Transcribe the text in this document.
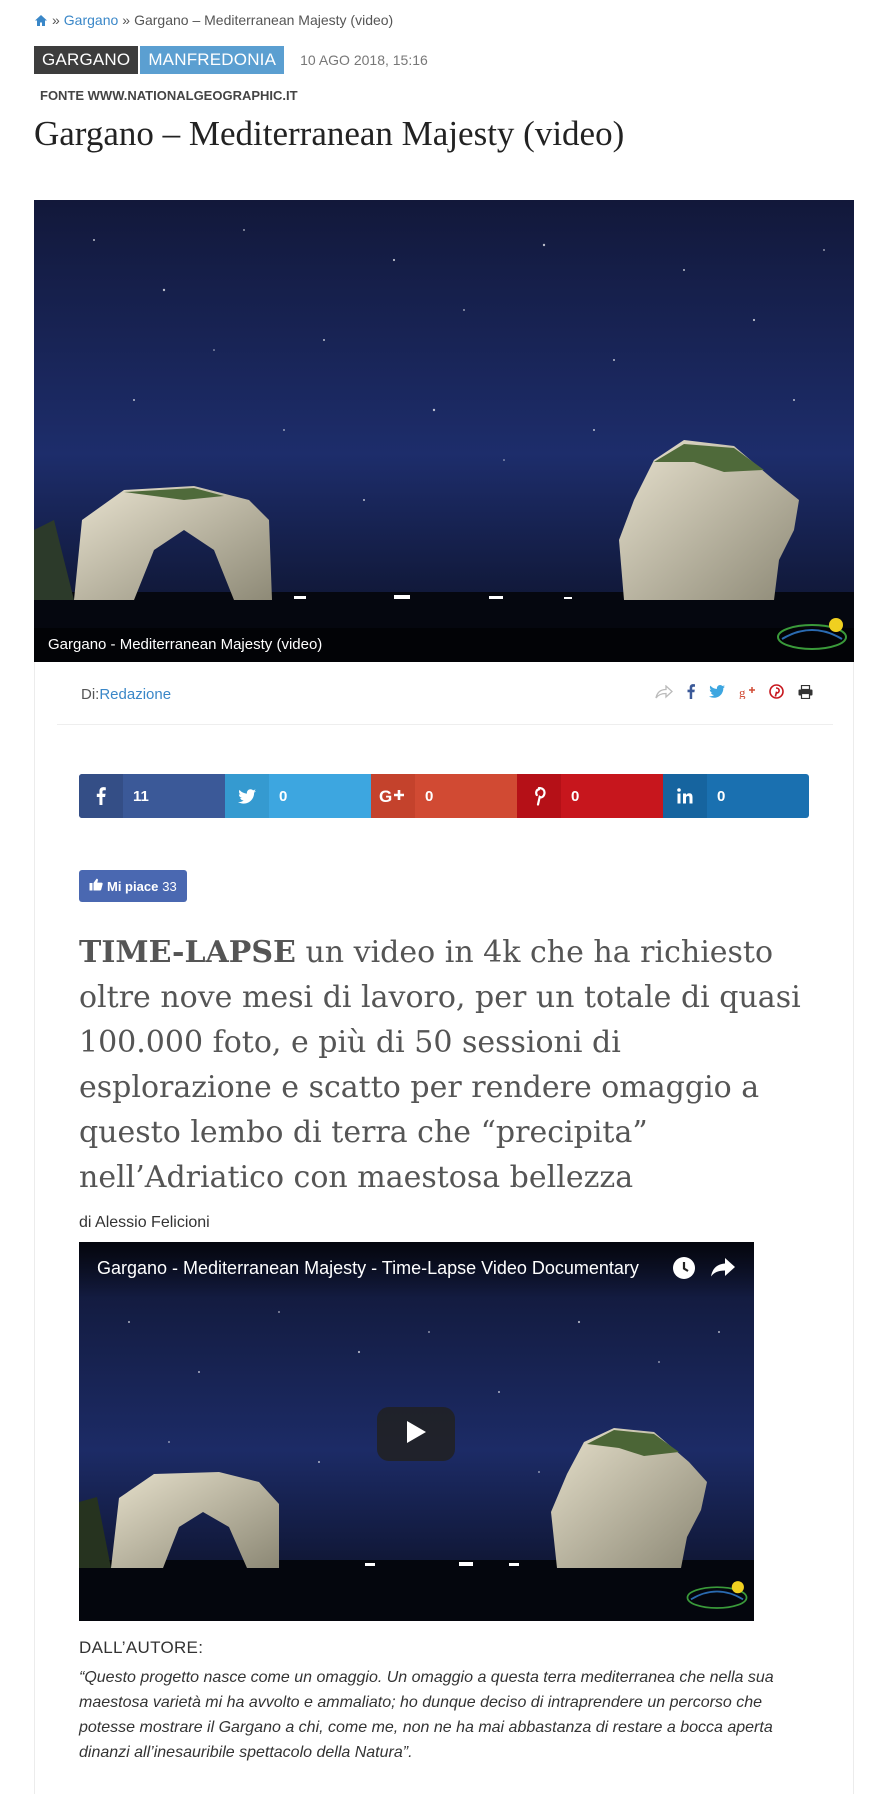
» Gargano » Gargano – Mediterranean Majesty (video)
GARGANO	MANFREDONIA	10 AGO 2018, 15:16
FONTE WWW.NATIONALGEOGRAPHIC.IT
Gargano – Mediterranean Majesty (video)
Gargano - Mediterranean Majesty (video)
Di:Redazione	g
11	0	G 0	0	0
Mi piace 33
TIME-LAPSE un video in 4k che ha richiesto oltre nove mesi di lavoro, per un totale di quasi 100.000 foto, e più di 50 sessioni di esplorazione e scatto per rendere omaggio a questo lembo di terra che “precipita” nell’Adriatico con maestosa bellezza
di Alessio Felicioni
Gargano - Mediterranean Majesty - Time-Lapse Video Documentary
DALL’AUTORE:

“Questo progetto nasce come un omaggio. Un omaggio a questa terra mediterranea che nella sua maestosa varietà mi ha avvolto e ammaliato; ho dunque deciso di intraprendere un percorso che potesse mostrare il Gargano a chi, come me, non ne ha mai abbastanza di restare a bocca aperta dinanzi all’inesauribile spettacolo della Natura”.
